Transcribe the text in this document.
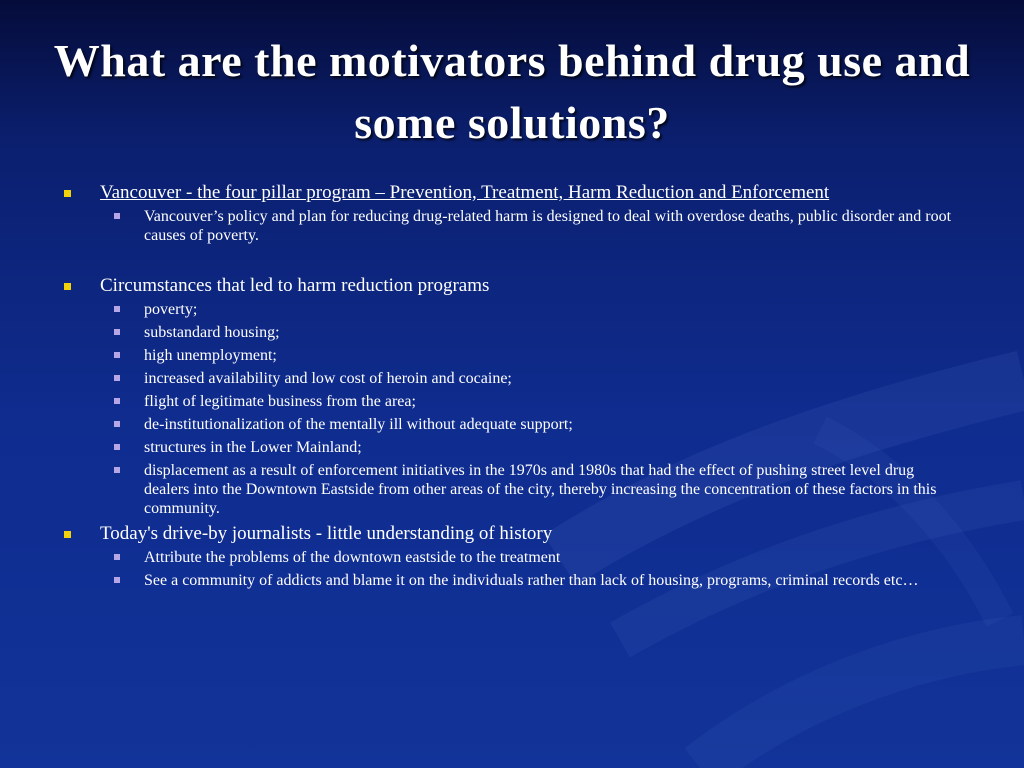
What are the motivators behind drug use and some solutions?
Vancouver - the four pillar program – Prevention, Treatment, Harm Reduction and Enforcement
Vancouver’s policy and plan for reducing drug-related harm is designed to deal with overdose deaths, public disorder and root causes of poverty.
Circumstances that led to harm reduction programs
poverty;
substandard housing;
high unemployment;
increased availability and low cost of heroin and cocaine;
flight of legitimate business from the area;
de-institutionalization of the mentally ill without adequate support;
structures in the Lower Mainland;
displacement as a result of enforcement initiatives in the 1970s and 1980s that had the effect of pushing street level drug dealers into the Downtown Eastside from other areas of the city, thereby increasing the concentration of these factors in this community.
Today's drive-by journalists - little understanding of history
Attribute the problems of the downtown eastside to the treatment
See a community of addicts and blame it on the individuals rather than lack of housing, programs, criminal records etc…
